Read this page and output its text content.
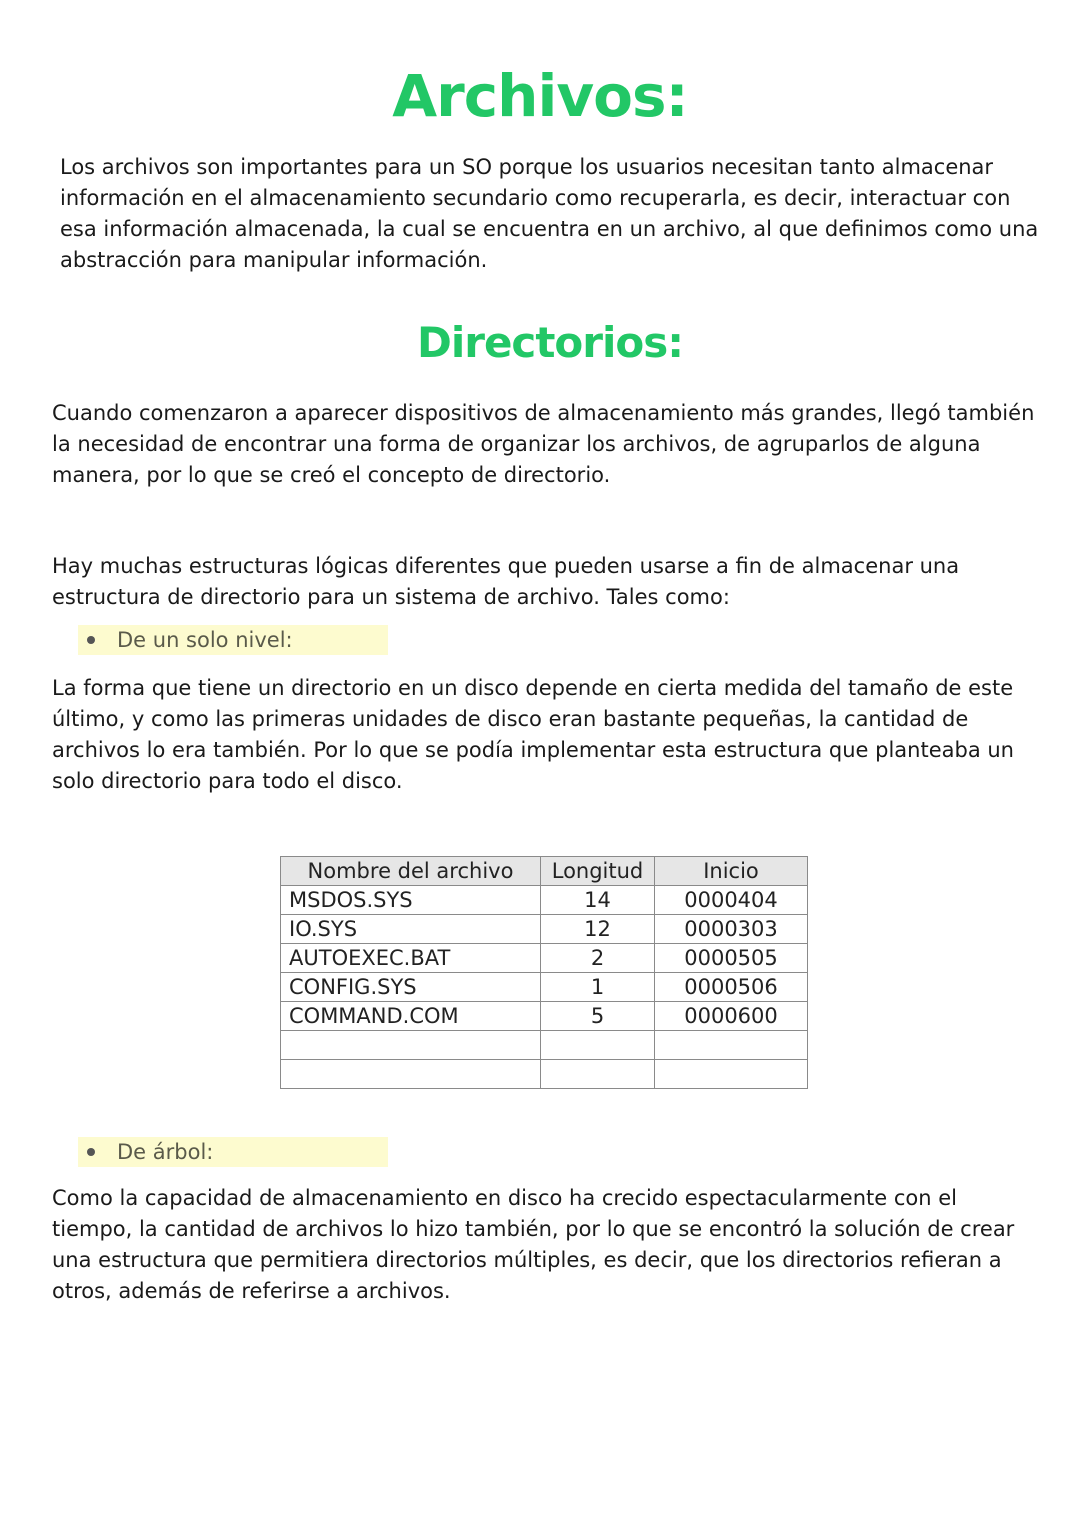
Archivos:

Los archivos son importantes para un SO porque los usuarios necesitan tanto almacenar información en el almacenamiento secundario como recuperarla, es decir, interactuar con esa información almacenada, la cual se encuentra en un archivo, al que definimos como una abstracción para manipular información.

Directorios:

Cuando comenzaron a aparecer dispositivos de almacenamiento más grandes, llegó también la necesidad de encontrar una forma de organizar los archivos, de agruparlos de alguna manera, por lo que se creó el concepto de directorio.

Hay muchas estructuras lógicas diferentes que pueden usarse a fin de almacenar una estructura de directorio para un sistema de archivo. Tales como:

De un solo nivel:

La forma que tiene un directorio en un disco depende en cierta medida del tamaño de este último, y como las primeras unidades de disco eran bastante pequeñas, la cantidad de archivos lo era también. Por lo que se podía implementar esta estructura que planteaba un solo directorio para todo el disco.

Nombre del archivo	Longitud	Inicio
MSDOS.SYS	14	0000404
IO.SYS	12	0000303
AUTOEXEC.BAT	2	0000505
CONFIG.SYS	1	0000506
COMMAND.COM	5	0000600

De árbol:

Como la capacidad de almacenamiento en disco ha crecido espectacularmente con el tiempo, la cantidad de archivos lo hizo también, por lo que se encontró la solución de crear una estructura que permitiera directorios múltiples, es decir, que los directorios refieran a otros, además de referirse a archivos.
